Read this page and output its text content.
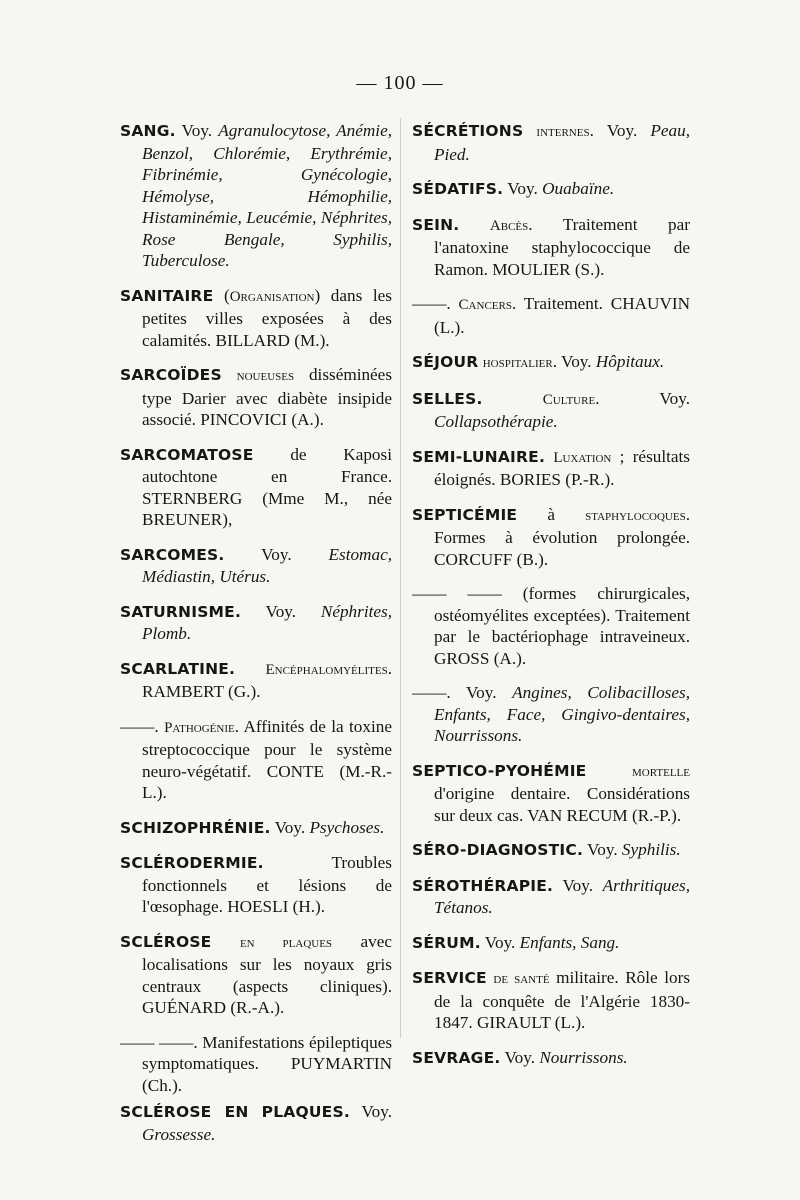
— 100 —

SANG. Voy. Agranulocytose, Anémie, Benzol, Chlorémie, Erythrémie, Fibrinémie, Gynécologie, Hémolyse, Hémophilie, Histaminémie, Leucémie, Néphrites, Rose Bengale, Syphilis, Tuberculose.

SANITAIRE (Organisation) dans les petites villes exposées à des calamités. BILLARD (M.).

SARCOÏDES noueuses disséminées type Darier avec diabète insipide associé. PINCOVICI (A.).

SARCOMATOSE de Kaposi autochtone en France. STERNBERG (Mme M., née BREUNER),

SARCOMES. Voy. Estomac, Médiastin, Utérus.

SATURNISME. Voy. Néphrites, Plomb.

SCARLATINE. Encéphalomyélites. RAMBERT (G.).

——. Pathogénie. Affinités de la toxine streptococcique pour le système neuro-végétatif. CONTE (M.-R.-L.).

SCHIZOPHRÉNIE. Voy. Psychoses.

SCLÉRODERMIE. Troubles fonctionnels et lésions de l'œsophage. HOESLI (H.).

SCLÉROSE en plaques avec localisations sur les noyaux gris centraux (aspects cliniques). GUÉNARD (R.-A.).

—— ——. Manifestations épileptiques symptomatiques. PUYMARTIN (Ch.).

SCLÉROSE EN PLAQUES. Voy. Grossesse.

SÉCRÉTIONS internes. Voy. Peau, Pied.

SÉDATIFS. Voy. Ouabaïne.

SEIN. Abcès. Traitement par l'anatoxine staphylococcique de Ramon. MOULIER (S.).

——. Cancers. Traitement. CHAUVIN (L.).

SÉJOUR hospitalier. Voy. Hôpitaux.

SELLES.	Culture. Voy. Collapsothérapie.

SEMI-LUNAIRE. Luxation ; résultats éloignés. BORIES (P.-R.).

SEPTICÉMIE à staphylocoques. Formes à évolution prolongée. CORCUFF (B.).

—— —— (formes chirurgicales, ostéomyélites exceptées). Traitement par le bactériophage intraveineux. GROSS (A.).

——. Voy. Angines, Colibacilloses, Enfants, Face, Gingivo-dentaires, Nourrissons.

SEPTICO-PYOHÉMIE	mortelle d'origine dentaire. Considérations sur deux cas. VAN RECUM (R.-P.).

SÉRO-DIAGNOSTIC. Voy. Syphilis.

SÉROTHÉRAPIE. Voy. Arthritiques, Tétanos.

SÉRUM. Voy. Enfants, Sang.

SERVICE de santé militaire. Rôle lors de la conquête de l'Algérie 1830-1847. GIRAULT (L.).

SEVRAGE. Voy. Nourrissons.
